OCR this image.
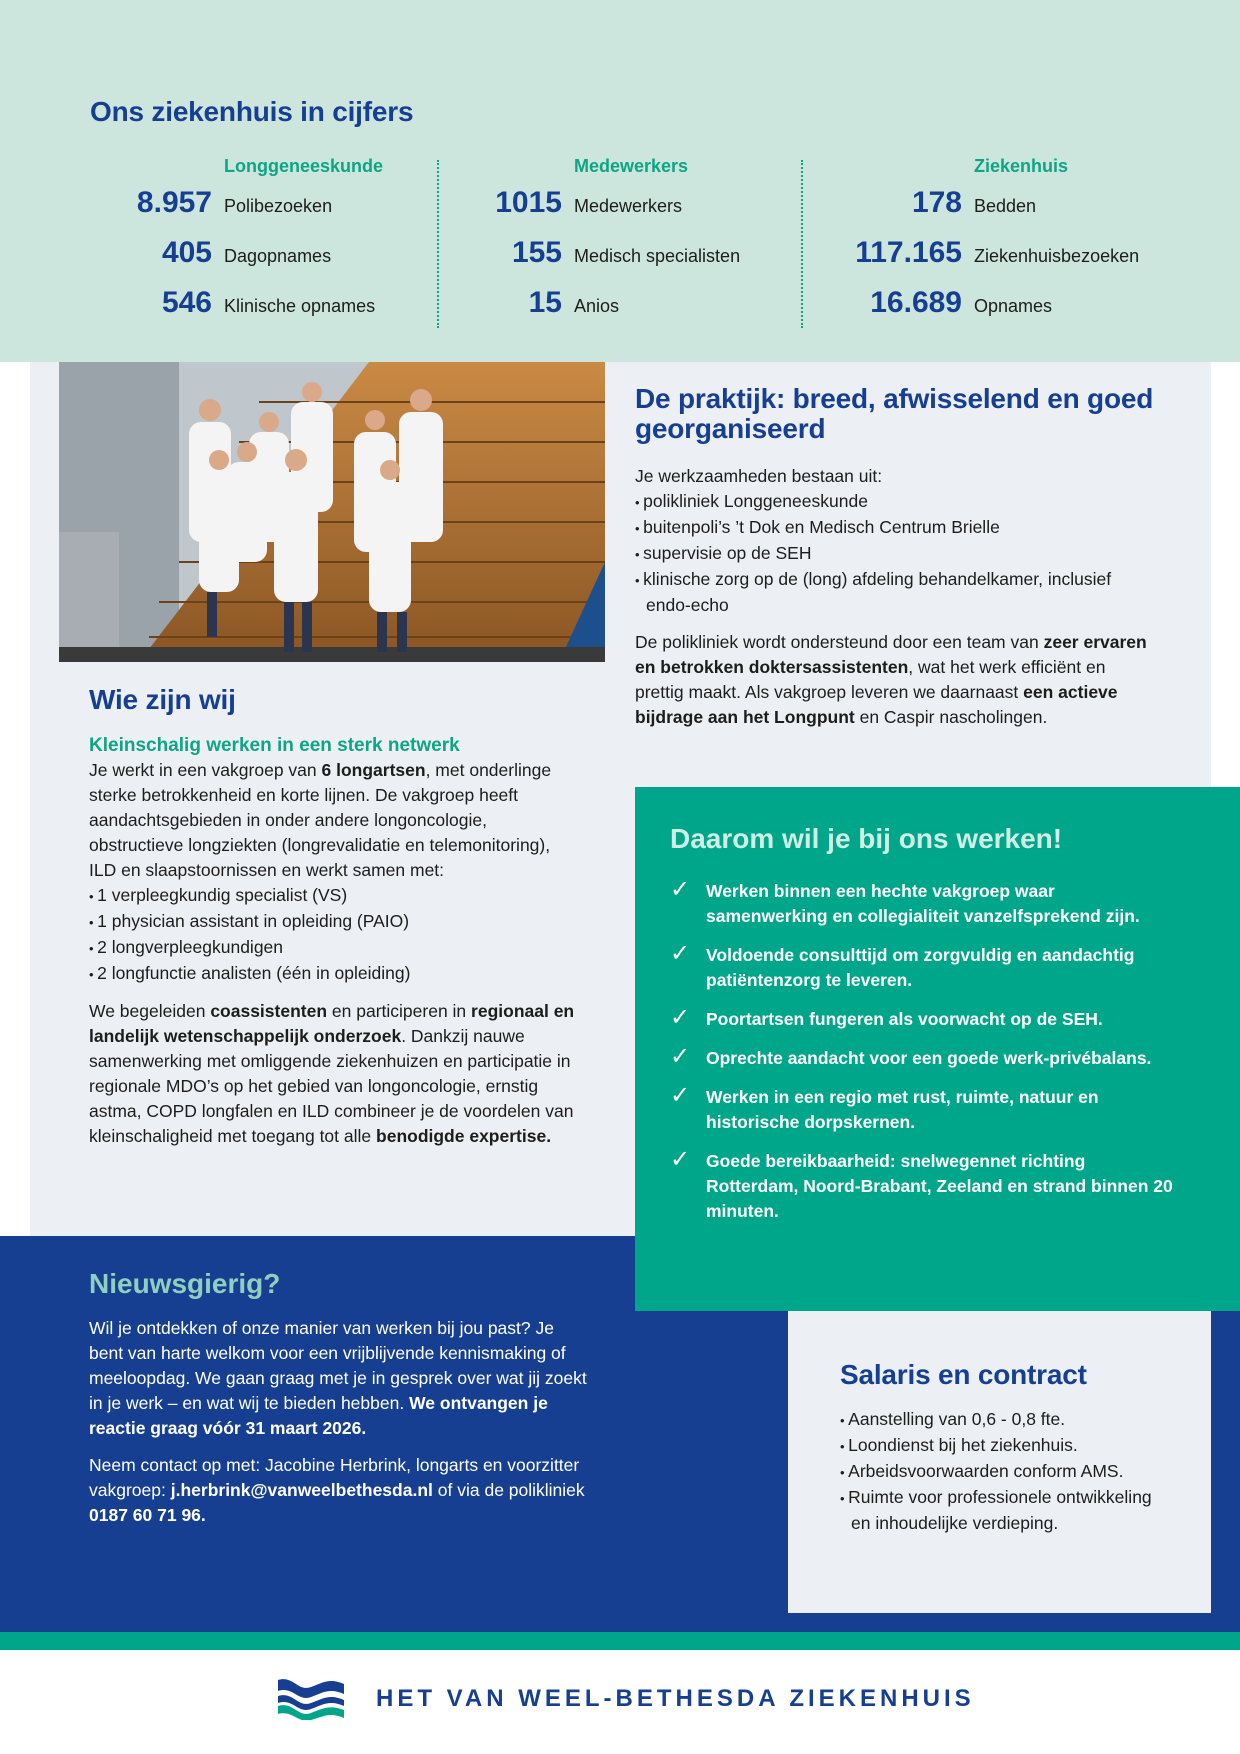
Ons ziekenhuis in cijfers
Longgeneeskunde
8.957 Polibezoeken
405 Dagopnames
546 Klinische opnames
Medewerkers
1015 Medewerkers
155 Medisch specialisten
15 Anios
Ziekenhuis
178 Bedden
117.165 Ziekenhuisbezoeken
16.689 Opnames
De praktijk: breed, afwisselend en goed georganiseerd

Je werkzaamheden bestaan uit:

• polikliniek Longgeneeskunde
• buitenpoli’s ’t Dok en Medisch Centrum Brielle
• supervisie op de SEH
• klinische zorg op de (long) afdeling behandelkamer, inclusief endo-echo

De polikliniek wordt ondersteund door een team van zeer ervaren en betrokken doktersassistenten, wat het werk efficiënt en prettig maakt. Als vakgroep leveren we daarnaast een actieve bijdrage aan het Longpunt en Caspir nascholingen.

Wie zijn wij
Kleinschalig werken in een sterk netwerk

Je werkt in een vakgroep van 6 longartsen, met onderlinge sterke betrokkenheid en korte lijnen. De vakgroep heeft aandachtsgebieden in onder andere longoncologie, obstructieve longziekten (longrevalidatie en telemonitoring), ILD en slaapstoornissen en werkt samen met:

• 1 verpleegkundig specialist (VS)
• 1 physician assistant in opleiding (PAIO)
• 2 longverpleegkundigen
• 2 longfunctie analisten (één in opleiding)

We begeleiden coassistenten en participeren in regionaal en landelijk wetenschappelijk onderzoek. Dankzij nauwe samenwerking met omliggende ziekenhuizen en participatie in regionale MDO’s op het gebied van longoncologie, ernstig astma, COPD longfalen en ILD combineer je de voordelen van kleinschaligheid met toegang tot alle benodigde expertise.

Nieuwsgierig?

Wil je ontdekken of onze manier van werken bij jou past? Je bent van harte welkom voor een vrijblijvende kennismaking of meeloopdag. We gaan graag met je in gesprek over wat jij zoekt in je werk – en wat wij te bieden hebben. We ontvangen je reactie graag vóór 31 maart 2026.

Neem contact op met: Jacobine Herbrink, longarts en voorzitter vakgroep: j.herbrink@vanweelbethesda.nl of via de polikliniek 0187 60 71 96.

Daarom wil je bij ons werken!
✓ Werken binnen een hechte vakgroep waar samenwerking en collegialiteit vanzelfsprekend zijn.
✓ Voldoende consulttijd om zorgvuldig en aandachtig patiëntenzorg te leveren.
✓ Poortartsen fungeren als voorwacht op de SEH.
✓ Oprechte aandacht voor een goede werk-privébalans.
✓ Werken in een regio met rust, ruimte, natuur en historische dorpskernen.
✓ Goede bereikbaarheid: snelwegennet richting Rotterdam, Noord-Brabant, Zeeland en strand binnen 20 minuten.
Salaris en contract
• Aanstelling van 0,6 - 0,8 fte.
• Loondienst bij het ziekenhuis.
• Arbeidsvoorwaarden conform AMS.
• Ruimte voor professionele ontwikkeling en inhoudelijke verdieping.
HET VAN WEEL-BETHESDA ZIEKENHUIS
